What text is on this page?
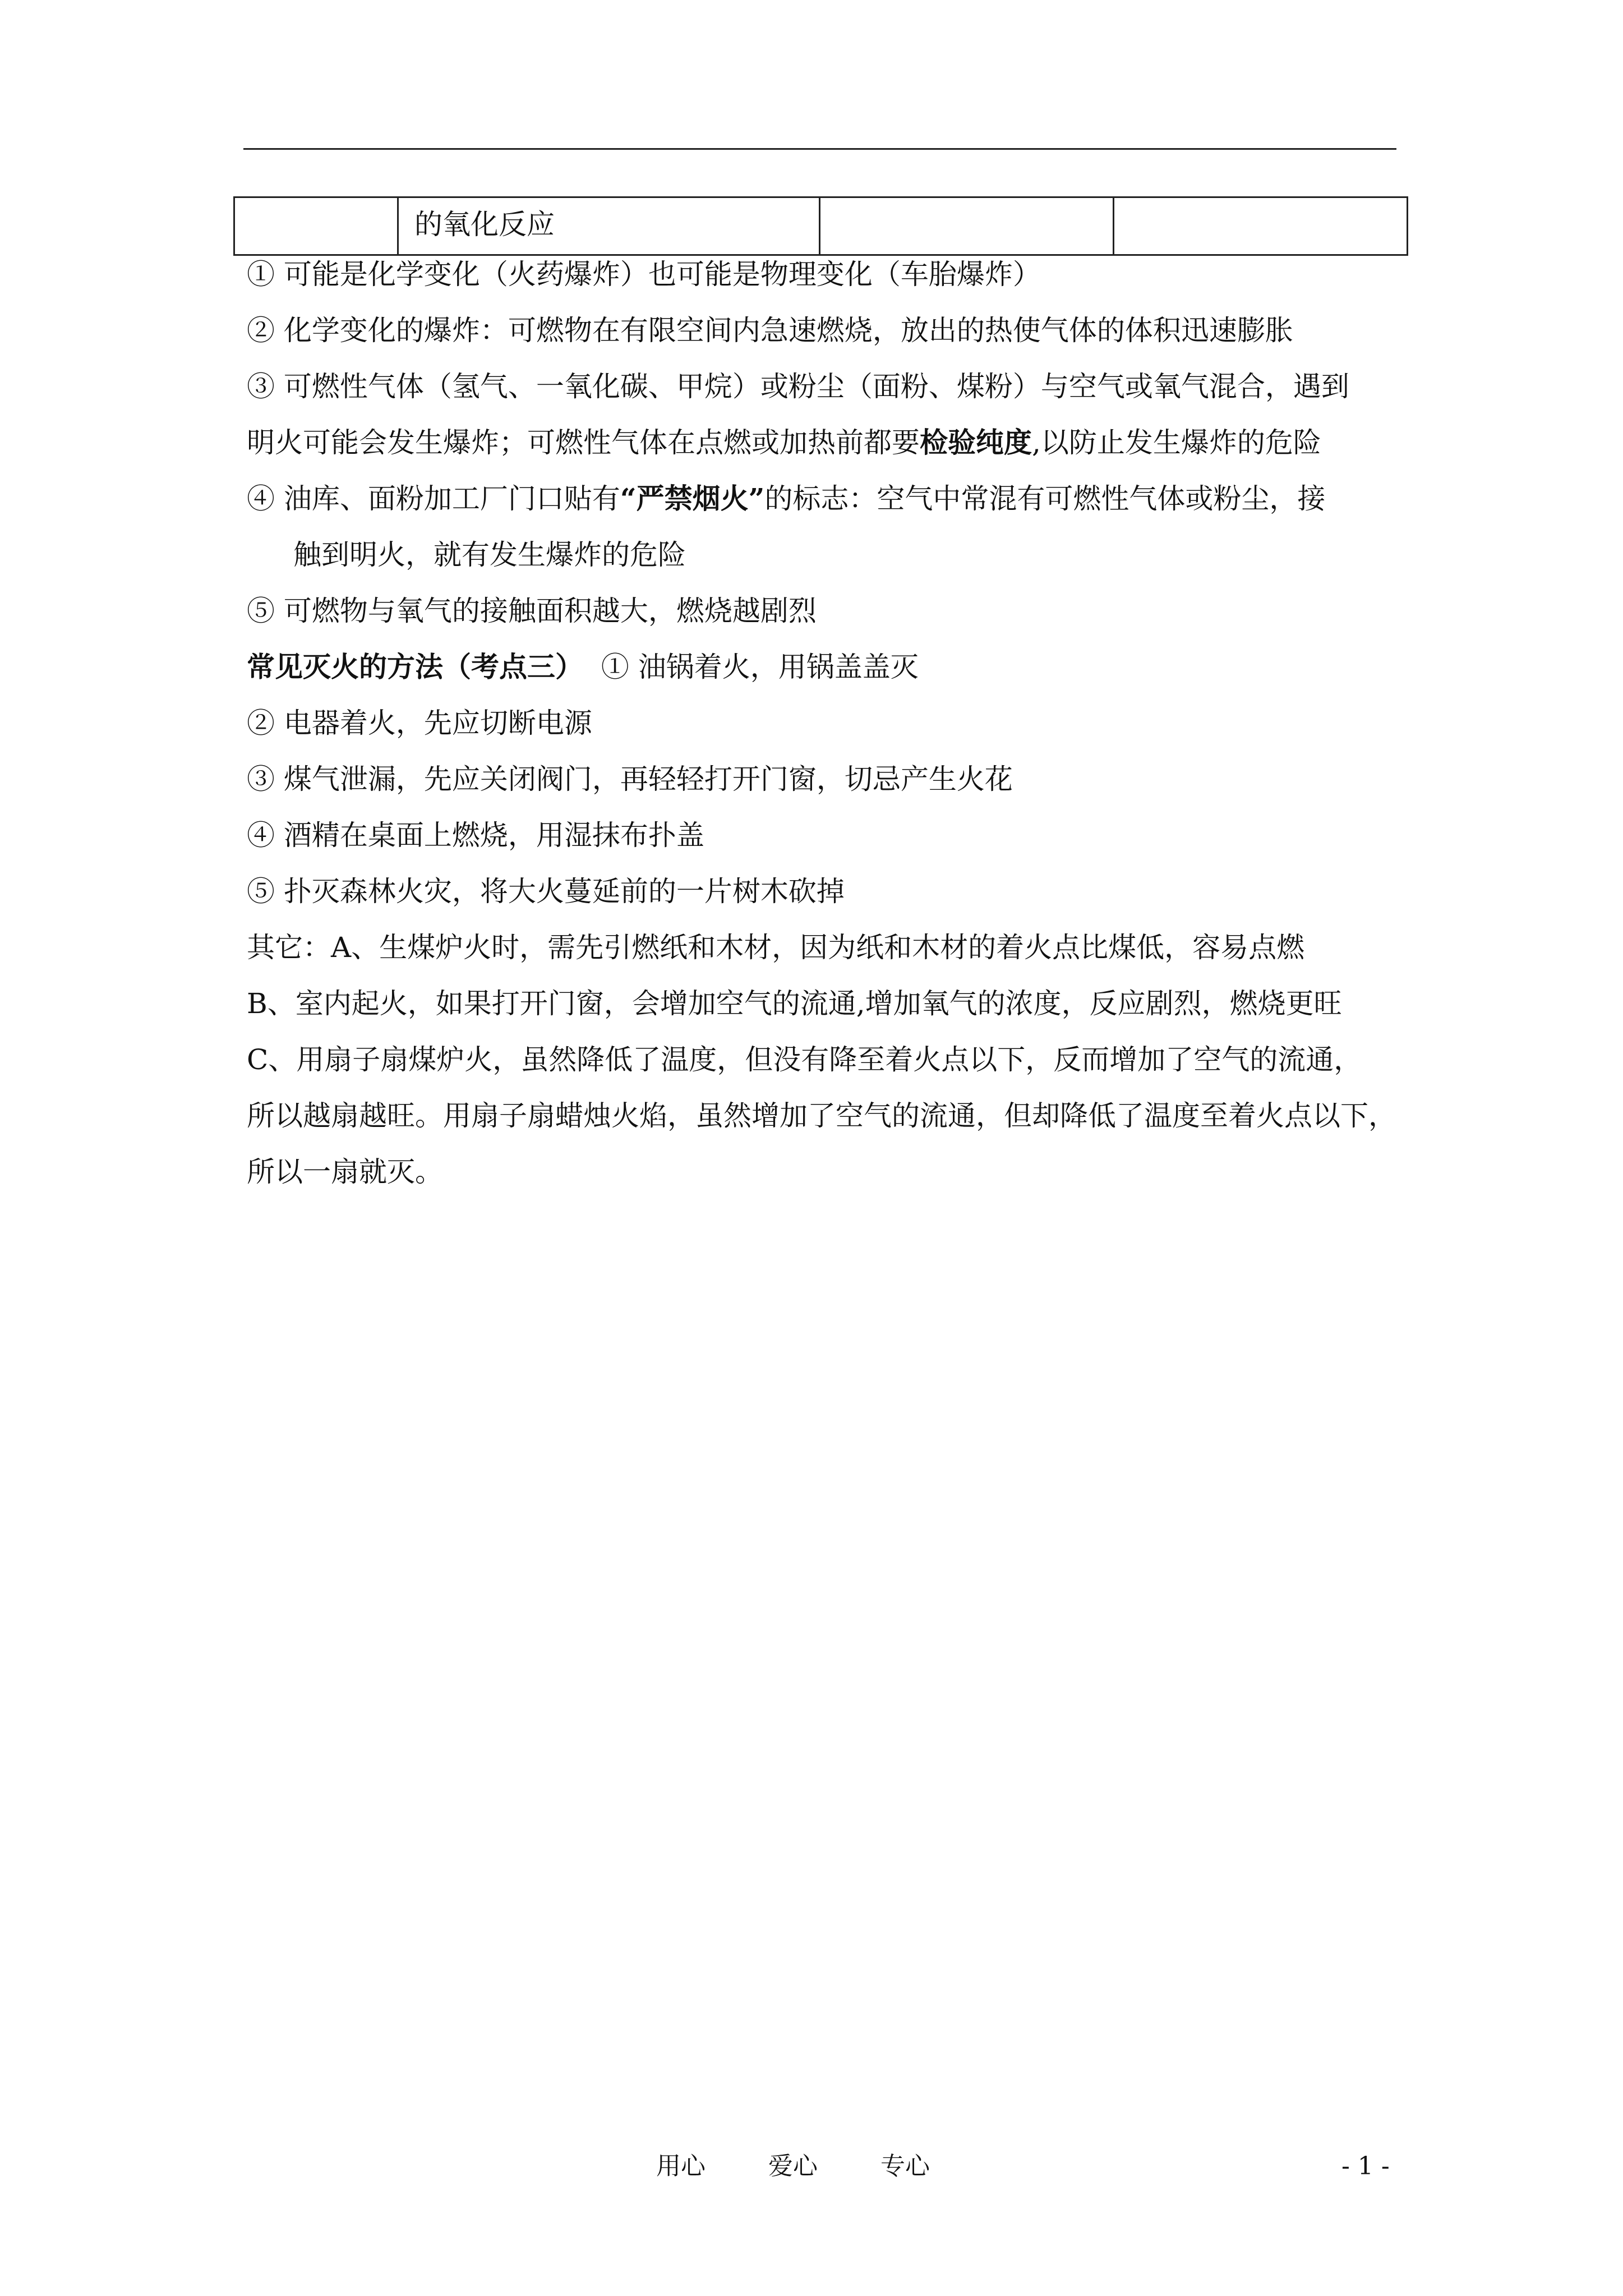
	的氧化反应		
① 可能是化学变化（火药爆炸）也可能是物理变化（车胎爆炸）
② 化学变化的爆炸：可燃物在有限空间内急速燃烧，放出的热使气体的体积迅速膨胀
③ 可燃性气体（氢气、一氧化碳、甲烷）或粉尘（面粉、煤粉）与空气或氧气混合，遇到
明火可能会发生爆炸；可燃性气体在点燃或加热前都要检验纯度,以防止发生爆炸的危险
④ 油库、面粉加工厂门口贴有“严禁烟火”的标志：空气中常混有可燃性气体或粉尘，接
触到明火，就有发生爆炸的危险
⑤ 可燃物与氧气的接触面积越大，燃烧越剧烈
常见灭火的方法（考点三） ① 油锅着火，用锅盖盖灭
② 电器着火，先应切断电源
③ 煤气泄漏，先应关闭阀门，再轻轻打开门窗，切忌产生火花
④ 酒精在桌面上燃烧，用湿抹布扑盖
⑤ 扑灭森林火灾，将大火蔓延前的一片树木砍掉
其它：A、生煤炉火时，需先引燃纸和木材，因为纸和木材的着火点比煤低，容易点燃
B、室内起火，如果打开门窗，会增加空气的流通,增加氧气的浓度，反应剧烈，燃烧更旺
C、用扇子扇煤炉火，虽然降低了温度，但没有降至着火点以下，反而增加了空气的流通，
所以越扇越旺。用扇子扇蜡烛火焰，虽然增加了空气的流通，但却降低了温度至着火点以下，
所以一扇就灭。
用心	爱心	专心	- 1 -
